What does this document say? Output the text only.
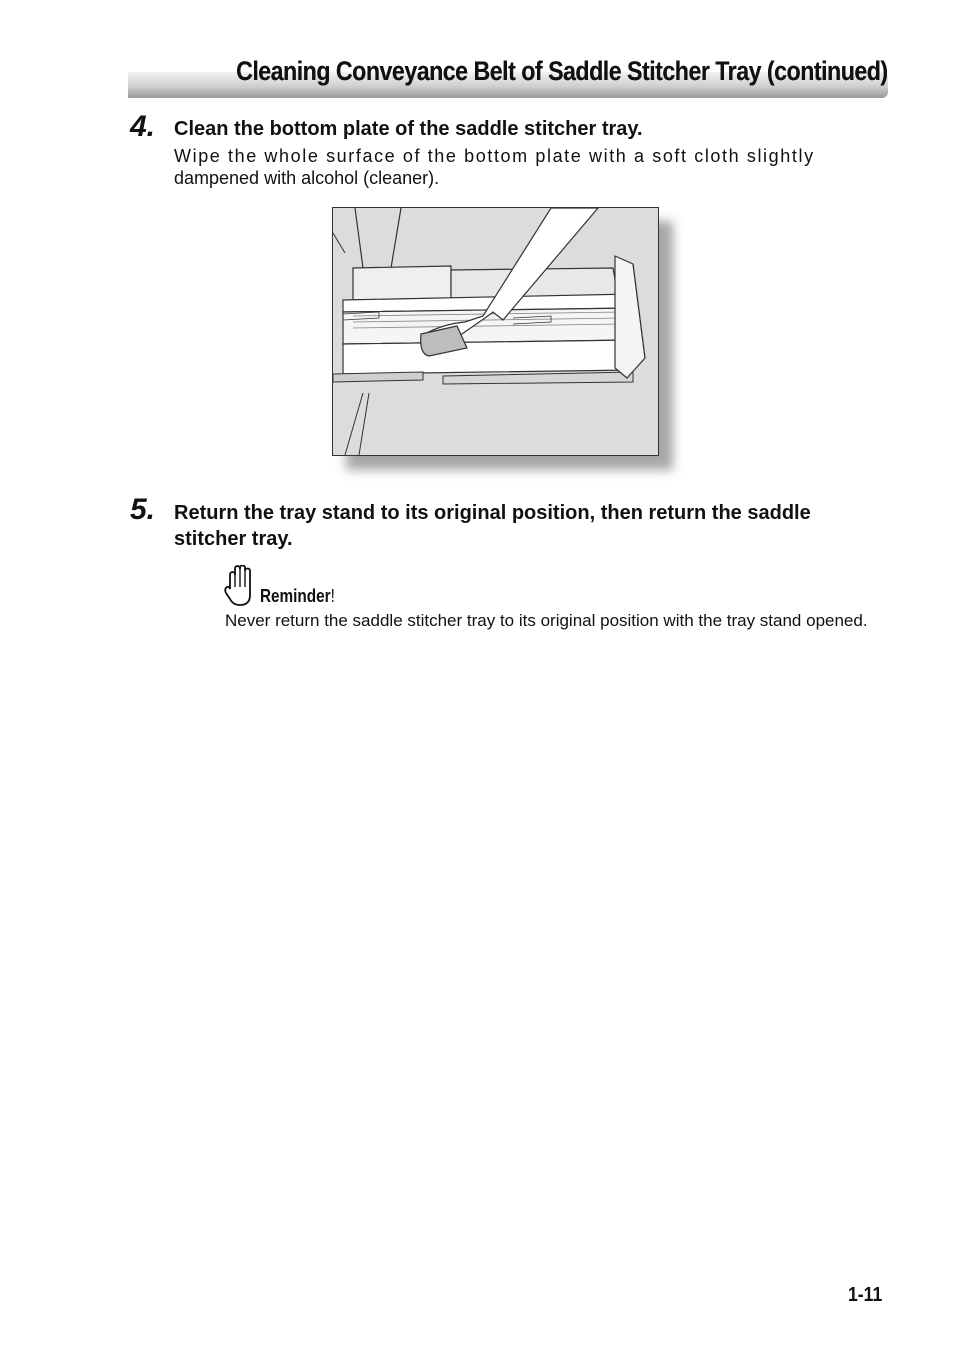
Cleaning Conveyance Belt of Saddle Stitcher Tray (continued)
4. Clean the bottom plate of the saddle stitcher tray.
Wipe the whole surface of the bottom plate with a soft cloth slightly
dampened with alcohol (cleaner).
5. Return the tray stand to its original position, then return the saddle stitcher tray.
Reminder!
Never return the saddle stitcher tray to its original position with the tray stand opened.
1-11
